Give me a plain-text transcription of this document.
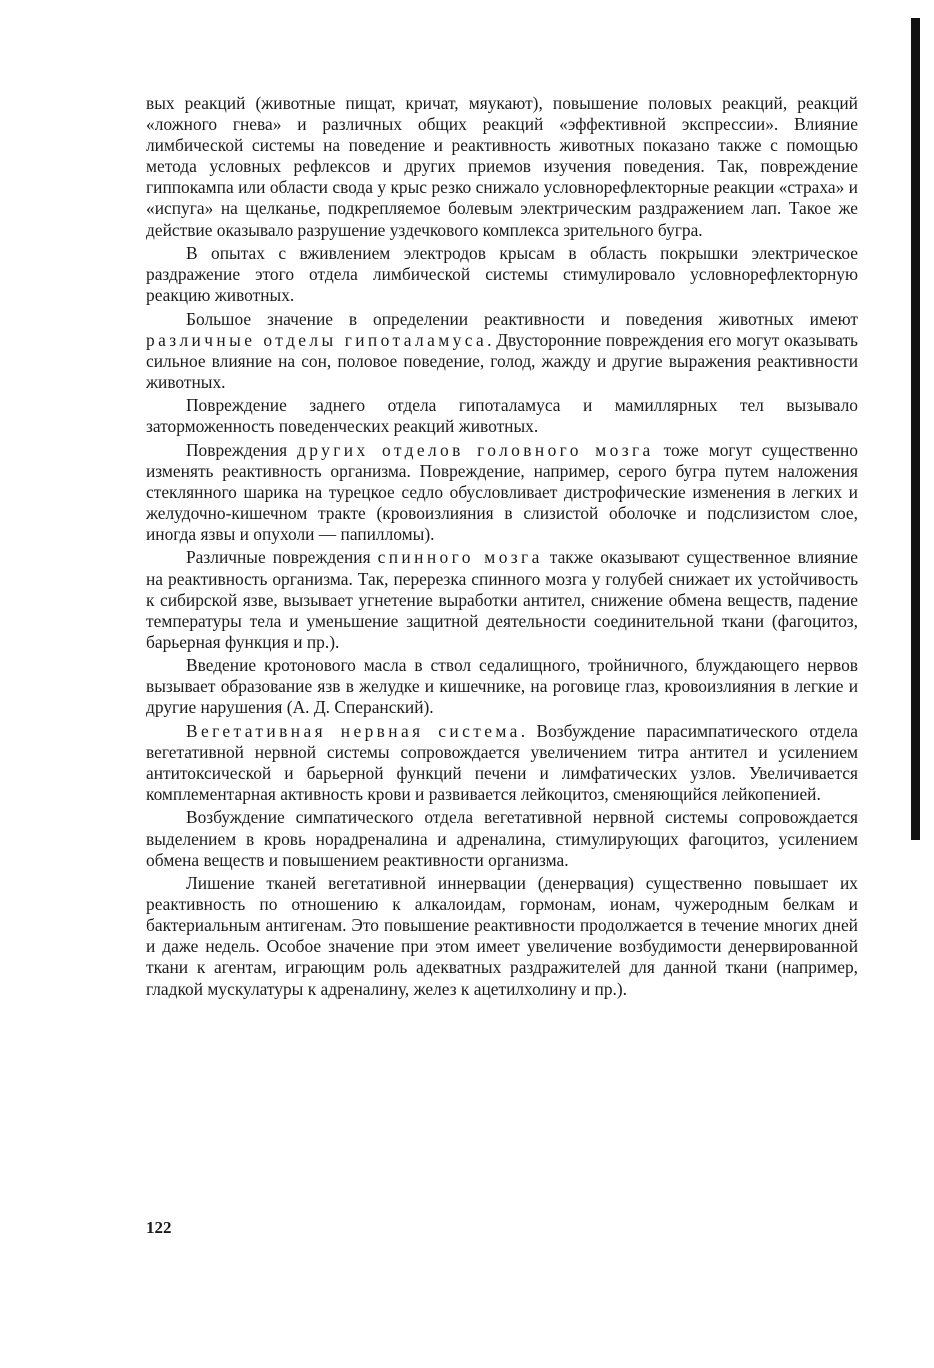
вых реакций (животные пищат, кричат, мяукают), повышение половых реакций, реакций «ложного гнева» и различных общих реакций «эффективной экспрессии». Влияние лимбической системы на поведение и реактивность животных показано также с помощью метода условных рефлексов и других приемов изучения поведения. Так, повреждение гиппокампа или области свода у крыс резко снижало условнорефлекторные реакции «страха» и «испуга» на щелканье, подкрепляемое болевым электрическим раздражением лап. Такое же действие оказывало разрушение уздечкового комплекса зрительного бугра.

В опытах с вживлением электродов крысам в область покрышки электрическое раздражение этого отдела лимбической системы стимулировало условнорефлекторную реакцию животных.

Большое значение в определении реактивности и поведения животных имеют различные отделы гипоталамуса. Двусторонние повреждения его могут оказывать сильное влияние на сон, половое поведение, голод, жажду и другие выражения реактивности животных.

Повреждение заднего отдела гипоталамуса и мамиллярных тел вызывало заторможенность поведенческих реакций животных.

Повреждения других отделов головного мозга тоже могут существенно изменять реактивность организма. Повреждение, например, серого бугра путем наложения стеклянного шарика на турецкое седло обусловливает дистрофические изменения в легких и желудочно-кишечном тракте (кровоизлияния в слизистой оболочке и подслизистом слое, иногда язвы и опухоли — папилломы).

Различные повреждения спинного мозга также оказывают существенное влияние на реактивность организма. Так, перерезка спинного мозга у голубей снижает их устойчивость к сибирской язве, вызывает угнетение выработки антител, снижение обмена веществ, падение температуры тела и уменьшение защитной деятельности соединительной ткани (фагоцитоз, барьерная функция и пр.).

Введение кротонового масла в ствол седалищного, тройничного, блуждающего нервов вызывает образование язв в желудке и кишечнике, на роговице глаз, кровоизлияния в легкие и другие нарушения (А. Д. Сперанский).

Вегетативная нервная система. Возбуждение парасимпатического отдела вегетативной нервной системы сопровождается увеличением титра антител и усилением антитоксической и барьерной функций печени и лимфатических узлов. Увеличивается комплементарная активность крови и развивается лейкоцитоз, сменяющийся лейкопенией.

Возбуждение симпатического отдела вегетативной нервной системы сопровождается выделением в кровь норадреналина и адреналина, стимулирующих фагоцитоз, усилением обмена веществ и повышением реактивности организма.

Лишение тканей вегетативной иннервации (денервация) существенно повышает их реактивность по отношению к алкалоидам, гормонам, ионам, чужеродным белкам и бактериальным антигенам. Это повышение реактивности продолжается в течение многих дней и даже недель. Особое значение при этом имеет увеличение возбудимости денервированной ткани к агентам, играющим роль адекватных раздражителей для данной ткани (например, гладкой мускулатуры к адреналину, желез к ацетилхолину и пр.).

122
